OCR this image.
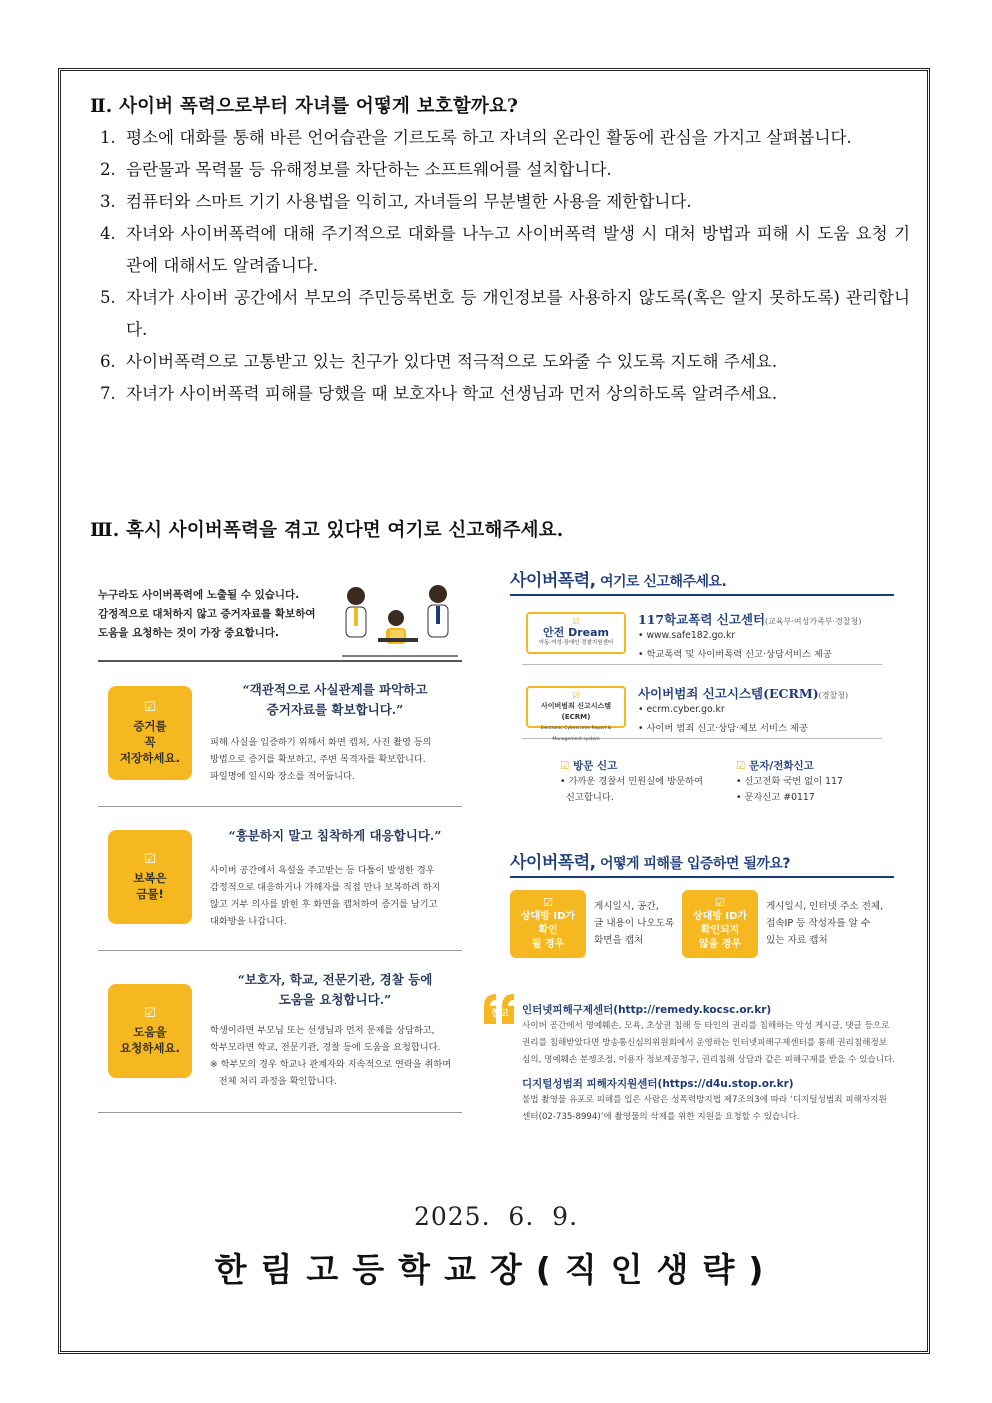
Ⅱ. 사이버 폭력으로부터 자녀를 어떻게 보호할까요?
1. 평소에 대화를 통해 바른 언어습관을 기르도록 하고 자녀의 온라인 활동에 관심을 가지고 살펴봅니다.
2. 음란물과 목력물 등 유해정보를 차단하는 소프트웨어를 설치합니다.
3. 컴퓨터와 스마트 기기 사용법을 익히고, 자녀들의 무분별한 사용을 제한합니다.
4. 자녀와 사이버폭력에 대해 주기적으로 대화를 나누고 사이버폭력 발생 시 대처 방법과 피해 시 도움 요청 기관에 대해서도 알려줍니다.
5. 자녀가 사이버 공간에서 부모의 주민등록번호 등 개인정보를 사용하지 않도록(혹은 알지 못하도록) 관리합니다.
6. 사이버폭력으로 고통받고 있는 친구가 있다면 적극적으로 도와줄 수 있도록 지도해 주세요.
7. 자녀가 사이버폭력 피해를 당했을 때 보호자나 학교 선생님과 먼저 상의하도록 알려주세요.
Ⅲ. 혹시 사이버폭력을 겪고 있다면 여기로 신고해주세요.
누구라도 사이버폭력에 노출될 수 있습니다.
감정적으로 대처하지 않고 증거자료를 확보하여
도움을 요청하는 것이 가장 중요합니다.
☑
증거를
꼭
저장하세요.
“객관적으로 사실관계를 파악하고
증거자료를 확보합니다.”
피해 사실을 입증하기 위해서 화면 캡처, 사진 촬영 등의
방법으로 증거를 확보하고, 주변 목격자를 확보합니다.
파일명에 일시와 장소를 적어둡니다.
☑
보복은
금물!
“흥분하지 말고 침착하게 대응합니다.”
사이버 공간에서 욕설을 주고받는 등 다툼이 발생한 경우
감정적으로 대응하거나 가해자를 직접 만나 보복하려 하지
않고 거부 의사를 밝힌 후 화면을 캡처하여 증거를 남기고
대화방을 나갑니다.
☑
도움을
요청하세요.
“보호자, 학교, 전문기관, 경찰 등에
도움을 요청합니다.”
학생이라면 부모님 또는 선생님과 먼저 문제를 상담하고,
학부모라면 학교, 전문기관, 경찰 등에 도움을 요청합니다.
※ 학부모의 경우 학교나 관계자와 지속적으로 연락을 취하며
전체 처리 과정을 확인합니다.
사이버폭력, 여기로 신고해주세요.
☑
안전 Dream
아동·여성·장애인 경찰지원센터
117학교폭력 신고센터(교육부·여성가족부·경찰청)
• www.safe182.go.kr
• 학교폭력 및 사이버폭력 신고·상담서비스 제공
☑
사이버범죄 신고시스템(ECRM)
Electronic Cybercrime Report & Management system
사이버범죄 신고시스템(ECRM)(경찰청)
• ecrm.cyber.go.kr
• 사이버 범죄 신고·상담·제보 서비스 제공
☑ 방문 신고
• 가까운 경찰서 민원실에 방문하여
신고합니다.
☑ 문자/전화신고
• 신고전화 국번 없이 117
• 문자신고 #0117
사이버폭력, 어떻게 피해를 입증하면 될까요?
☑
상대방 ID가
확인
될 경우
게시일시, 공간,
글 내용이 나오도록
화면을 캡처
☑
상대방 ID가
확인되지
않을 경우
게시일시, 인터넷 주소 전체,
접속IP 등 작성자를 알 수
있는 자료 캡처
참고	인터넷피해구제센터(http://remedy.kocsc.or.kr)
사이버 공간에서 명예훼손, 모욕, 초상권 침해 등 타인의 권리를 침해하는 악성 게시글, 댓글 등으로
권리를 침해받았다면 방송통신심의위원회에서 운영하는 인터넷피해구제센터를 통해 권리침해정보
심의, 명예훼손 분쟁조정, 이용자 정보제공청구, 권리침해 상담과 같은 피해구제를 받을 수 있습니다.
디지털성범죄 피해자지원센터(https://d4u.stop.or.kr)
불법 촬영물 유포로 피해를 입은 사람은 성폭력방지법 제7조의3에 따라 ‘디지털성범죄 피해자지원
센터(02-735-8994)’에 촬영물의 삭제를 위한 지원을 요청할 수 있습니다.
2025.  6.  9.
한림고등학교장(직인생략)
